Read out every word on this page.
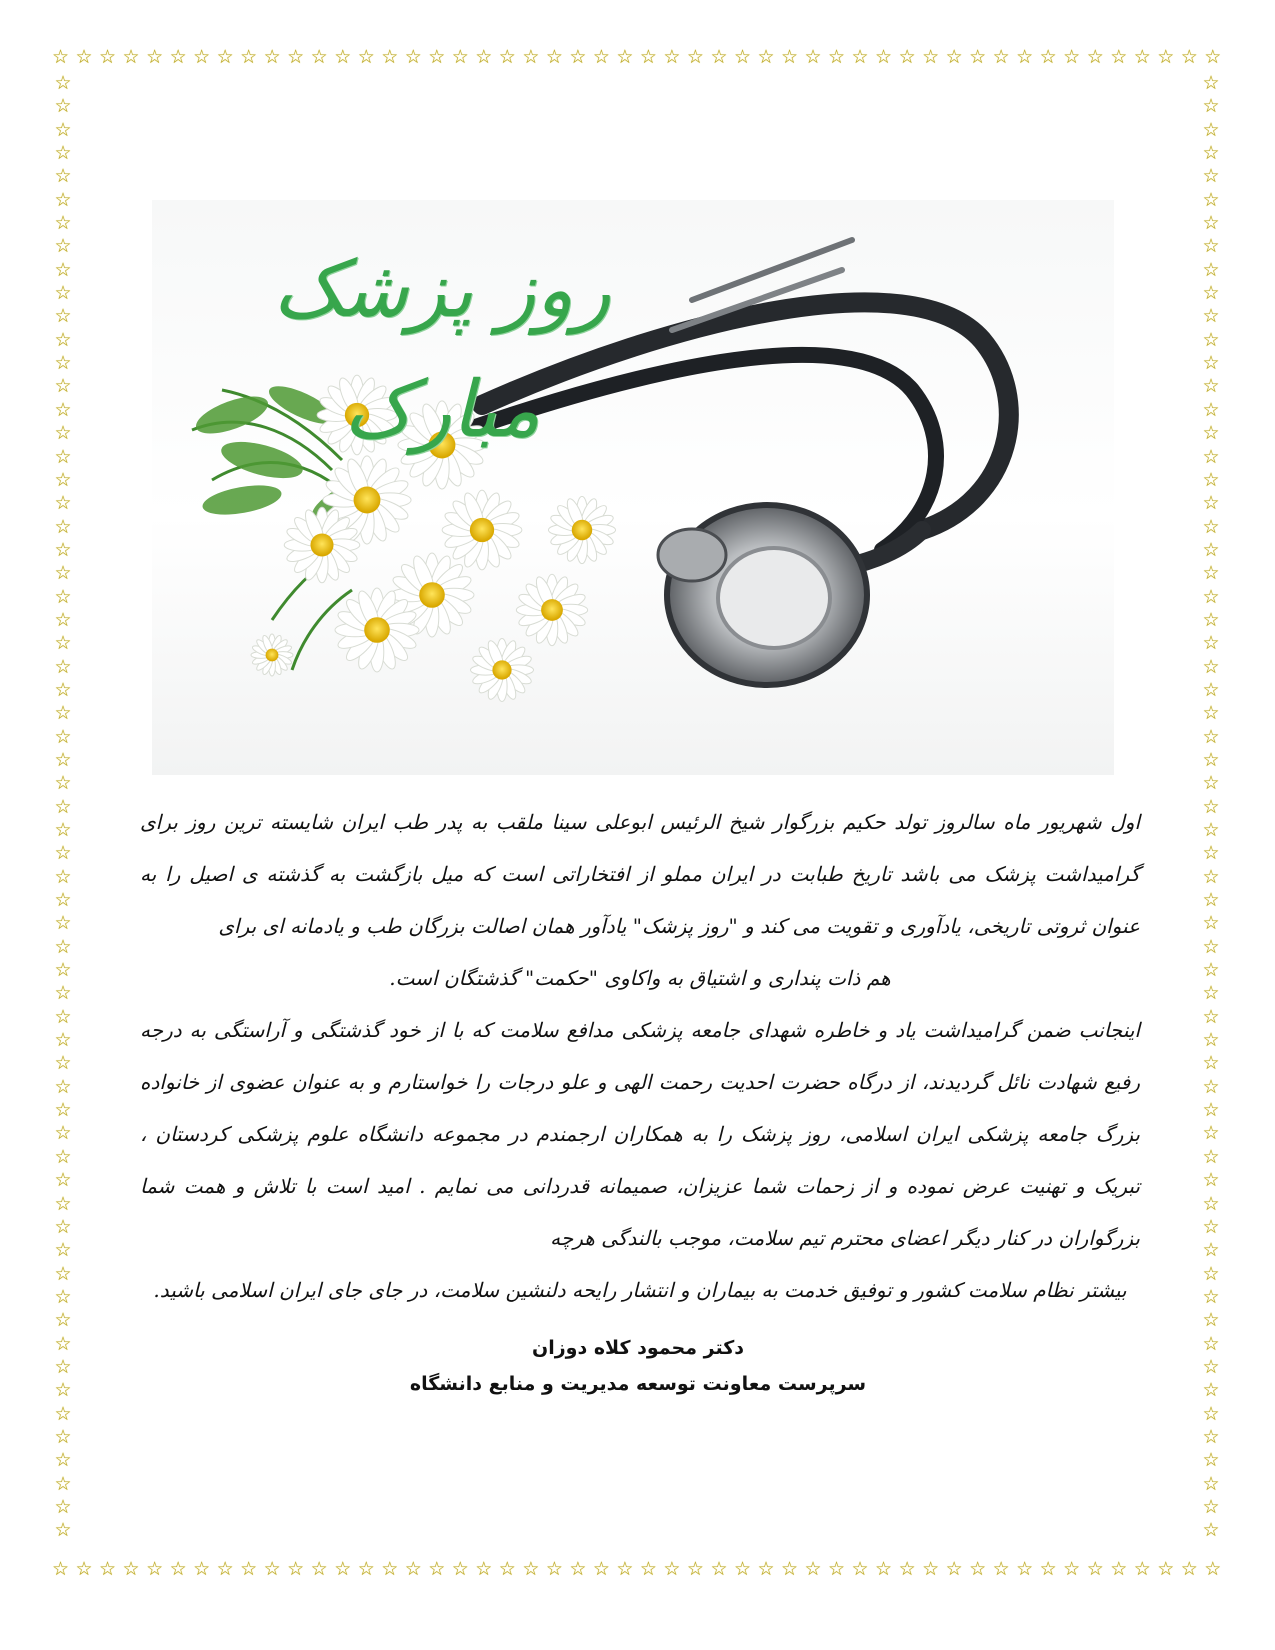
☆ ☆ ☆ ☆ ☆ ☆ ☆ ☆ ☆ ☆ ☆ ☆ ☆ ☆ ☆ ☆ ☆ ☆ ☆ ☆ ☆ ☆ ☆ ☆ ☆ ☆ ☆ ☆ ☆ ☆ ☆ ☆ ☆ ☆ ☆ ☆ ☆ ☆ ☆ ☆ ☆ ☆ ☆ ☆ ☆ ☆ ☆ ☆ ☆ ☆
☆ ☆ ☆ ☆ ☆ ☆ ☆ ☆ ☆ ☆ ☆ ☆ ☆ ☆ ☆ ☆ ☆ ☆ ☆ ☆ ☆ ☆ ☆ ☆ ☆ ☆ ☆ ☆ ☆ ☆ ☆ ☆ ☆ ☆ ☆ ☆ ☆ ☆ ☆ ☆ ☆ ☆ ☆ ☆ ☆ ☆ ☆ ☆ ☆ ☆
☆
☆
☆
☆
☆
☆
☆
☆
☆
☆
☆
☆
☆
☆
☆
☆
☆
☆
☆
☆
☆
☆
☆
☆
☆
☆
☆
☆
☆
☆
☆
☆
☆
☆
☆
☆
☆
☆
☆
☆
☆
☆
☆
☆
☆
☆
☆
☆
☆
☆
☆
☆
☆
☆
☆
☆
☆
☆
☆
☆
☆
☆
☆
☆
☆
☆
☆
☆
☆
☆
☆
☆
☆
☆
☆
☆
☆
☆
☆
☆
☆
☆
☆
☆
☆
☆
☆
☆
☆
☆
☆
☆
☆
☆
☆
☆
☆
☆
☆
☆
☆
☆
☆
☆
☆
☆
☆
☆
☆
☆
☆
☆
☆
☆
☆
☆
☆
☆
☆
☆
☆
☆
☆
☆
☆
☆
روز پزشک مبارک

اول شهریور ماه سالروز تولد حکیم بزرگوار شیخ الرئیس ابوعلی سینا ملقب به پدر طب ایران شایسته ترین روز برای گرامیداشت پزشک می باشد تاریخ طبابت در ایران مملو از افتخاراتی است که میل بازگشت به گذشته ی اصیل را به عنوان ثروتی تاریخی، یادآوری و تقویت می کند و "روز پزشک" یادآور همان اصالت بزرگان طب و یادمانه ای برای

هم ذات پنداری و اشتیاق به واکاوی "حکمت" گذشتگان است.

اینجانب ضمن گرامیداشت یاد و خاطره شهدای جامعه پزشکی مدافع سلامت که با از خود گذشتگی و آراستگی به درجه رفیع شهادت نائل گردیدند، از درگاه حضرت احدیت رحمت الهی و علو درجات را خواستارم و به عنوان عضوی از خانواده بزرگ جامعه پزشکی ایران اسلامی، روز پزشک را به همکاران ارجمندم در مجموعه دانشگاه علوم پزشکی کردستان ، تبریک و تهنیت عرض نموده و از زحمات شما عزیزان، صمیمانه قدردانی می نمایم . امید است با تلاش و همت شما بزرگواران در کنار دیگر اعضای محترم تیم سلامت، موجب بالندگی هرچه

بیشتر نظام سلامت کشور و توفیق خدمت به بیماران و انتشار رایحه دلنشین سلامت، در جای جای ایران اسلامی باشید.

دکتر محمود کلاه دوزان
سرپرست معاونت توسعه مدیریت و منابع دانشگاه
